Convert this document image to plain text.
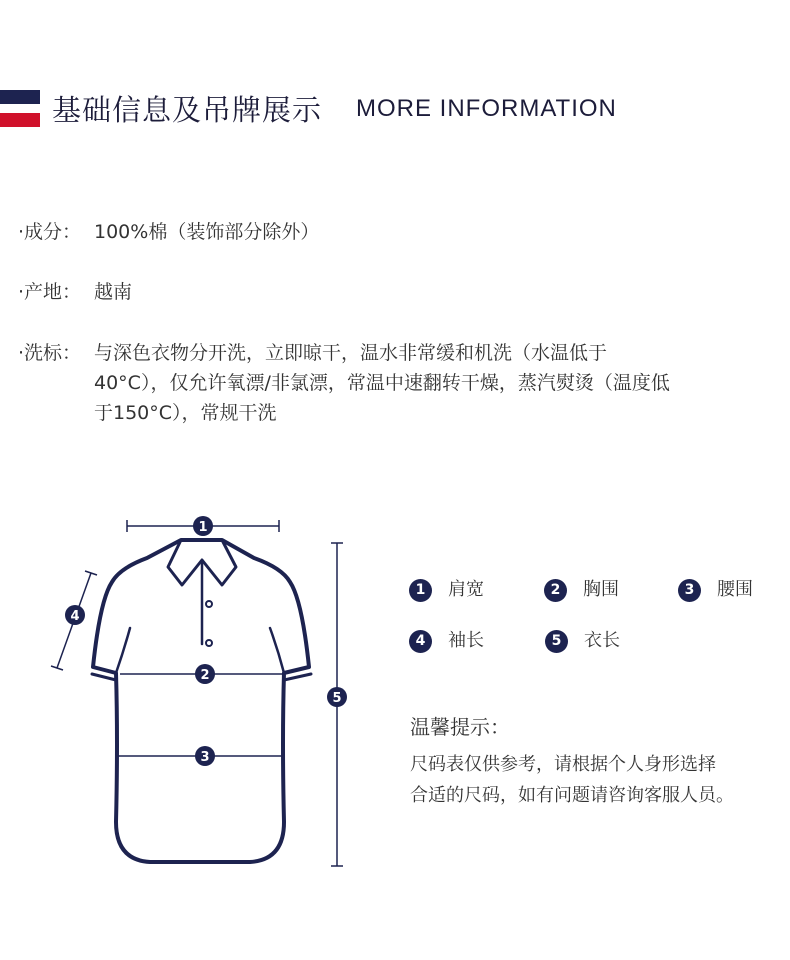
基础信息及吊牌展示 MORE INFORMATION
·成分： 100%棉（装饰部分除外）
·产地： 越南
·洗标： 与深色衣物分开洗，立即晾干，温水非常缓和机洗（水温低于
40°C），仅允许氧漂/非氯漂，常温中速翻转干燥，蒸汽熨烫（温度低
于150°C），常规干洗
1
2
3
4
5
1 肩宽	2 胸围	3 腰围
4 袖长	5 衣长
温馨提示：
尺码表仅供参考，请根据个人身形选择
合适的尺码，如有问题请咨询客服人员。
